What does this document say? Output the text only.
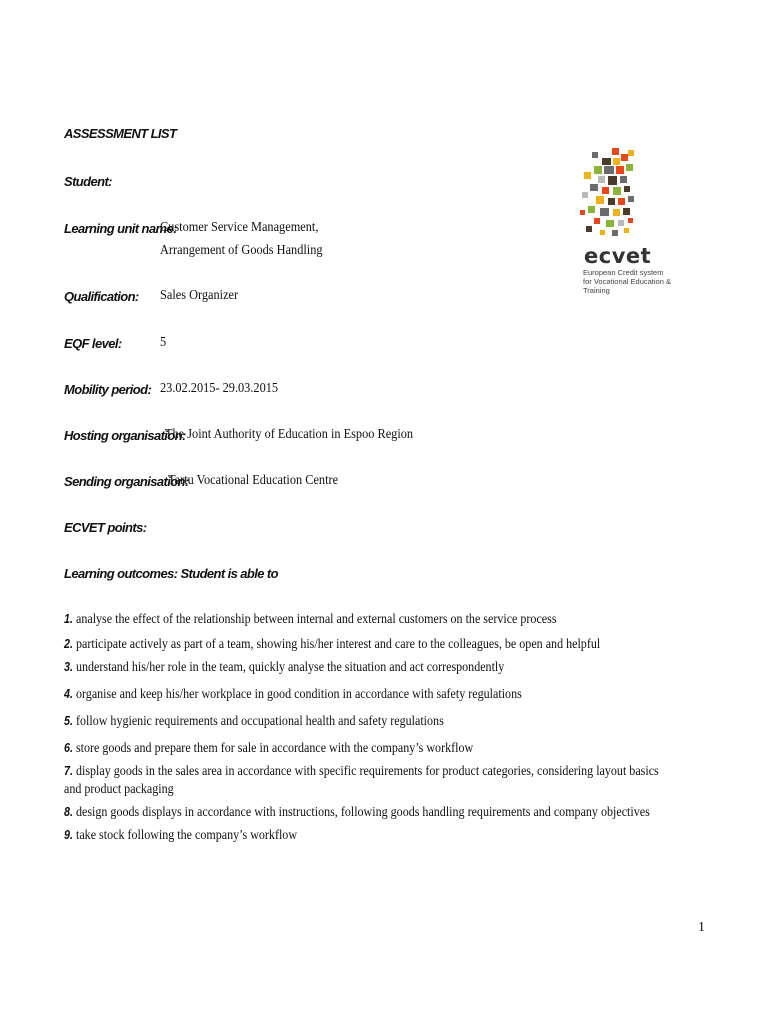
ASSESSMENT LIST
Student:
Learning unit name:
Customer Service Management,
Arrangement of Goods Handling
Qualification: Sales Organizer
EQF level:	5
Mobility period: 23.02.2015- 29.03.2015
Hosting organisation:
The Joint Authority of Education in Espoo Region
Sending organisation:
Tartu Vocational Education Centre
ECVET points:
Learning outcomes: Student is able to
1. analyse the effect of the relationship between internal and external customers on the service process
2. participate actively as part of a team, showing his/her interest and care to the colleagues, be open and helpful
3. understand his/her role in the team, quickly analyse the situation and act correspondently
4. organise and keep his/her workplace in good condition in accordance with safety regulations
5. follow hygienic requirements and occupational health and safety regulations
6. store goods and prepare them for sale in accordance with the company’s workflow
7. display goods in the sales area in accordance with specific requirements for product categories, considering layout basics and product packaging
8. design goods displays in accordance with instructions, following goods handling requirements and company objectives
9. take stock following the company’s workflow
1
ecvet
European Credit system for Vocational Education & Training
